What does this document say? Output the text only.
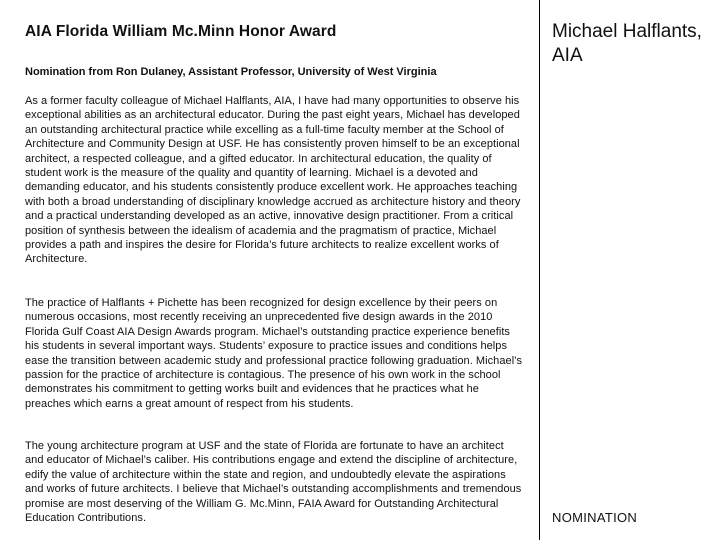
AIA Florida William Mc.Minn Honor Award
Nomination from Ron Dulaney, Assistant Professor, University of West Virginia

As a former faculty colleague of Michael Halflants, AIA, I have had many opportunities to observe his exceptional abilities as an architectural educator. During the past eight years, Michael has developed an outstanding architectural practice while excelling as a full-time faculty member at the School of Architecture and Community Design at USF. He has consistently proven himself to be an exceptional architect, a respected colleague, and a gifted educator. In architectural education, the quality of student work is the measure of the quality and quantity of learning. Michael is a devoted and demanding educator, and his students consistently produce excellent work. He approaches teaching with both a broad understanding of disciplinary knowledge accrued as architecture history and theory and a practical understanding developed as an active, innovative design practitioner. From a critical position of synthesis between the idealism of academia and the pragmatism of practice, Michael provides a path and inspires the desire for Florida’s future architects to realize excellent works of Architecture.

The practice of Halflants + Pichette has been recognized for design excellence by their peers on numerous occasions, most recently receiving an unprecedented five design awards in the 2010 Florida Gulf Coast AIA Design Awards program. Michael’s outstanding practice experience benefits his students in several important ways. Students’ exposure to practice issues and conditions helps ease the transition between academic study and professional practice following graduation. Michael’s passion for the practice of architecture is contagious. The presence of his own work in the school demonstrates his commitment to getting works built and evidences that he practices what he preaches which earns a great amount of respect from his students.

The young architecture program at USF and the state of Florida are fortunate to have an architect and educator of Michael’s caliber. His contributions engage and extend the discipline of architecture, edify the value of architecture within the state and region, and undoubtedly elevate the aspirations and works of future architects. I believe that Michael’s outstanding accomplishments and tremendous promise are most deserving of the William G. Mc.Minn, FAIA Award for Outstanding Architectural Education Contributions.

Michael Halflants, AIA
NOMINATION
